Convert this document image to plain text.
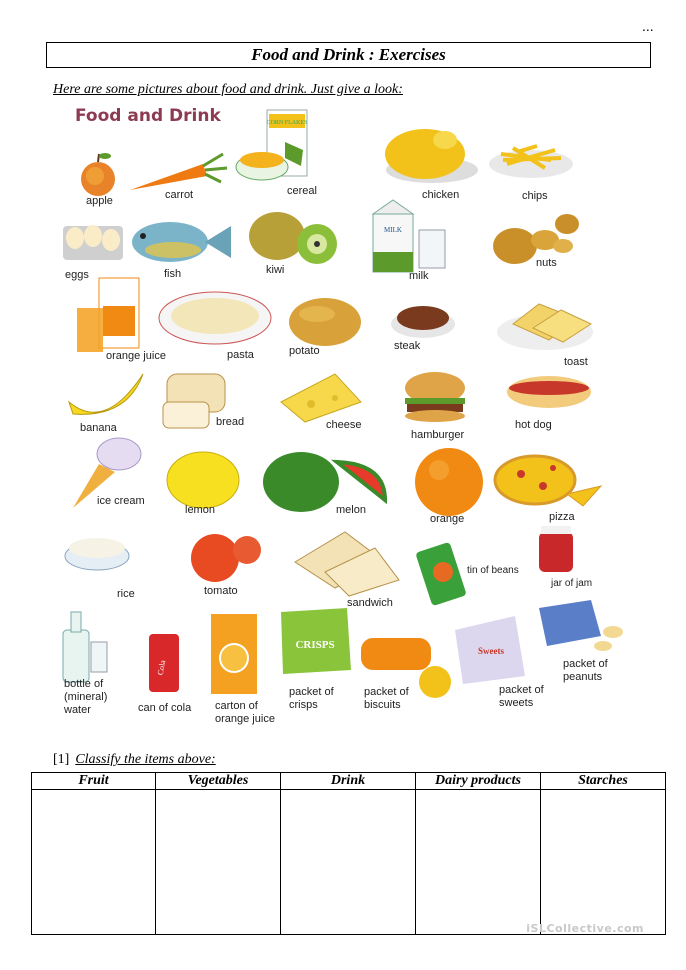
...
Food and Drink : Exercises
Here are some pictures about food and drink. Just give a look:
CORN FLAKES
MILK
Cola
CRISPS	Sweets
Food and Drink
apple	carrot	cereal	chicken	chips
eggs	fish	kiwi	milk
nuts
orange juice	pasta	potato	steak
toast
banana	bread	cheese
hamburger
hot dog
ice cream
lemon	melon
orange	pizza
rice	tomato
sandwich
tin of beans
jar of jam
bottle of (mineral) water	can of cola carton of orange juice
packet of crisps
packet of biscuits
packet of sweets
packet of peanuts
[1] Classify the items above:
Fruit	Vegetables	Drink	Dairy products	Starches

iSLCollective.com
